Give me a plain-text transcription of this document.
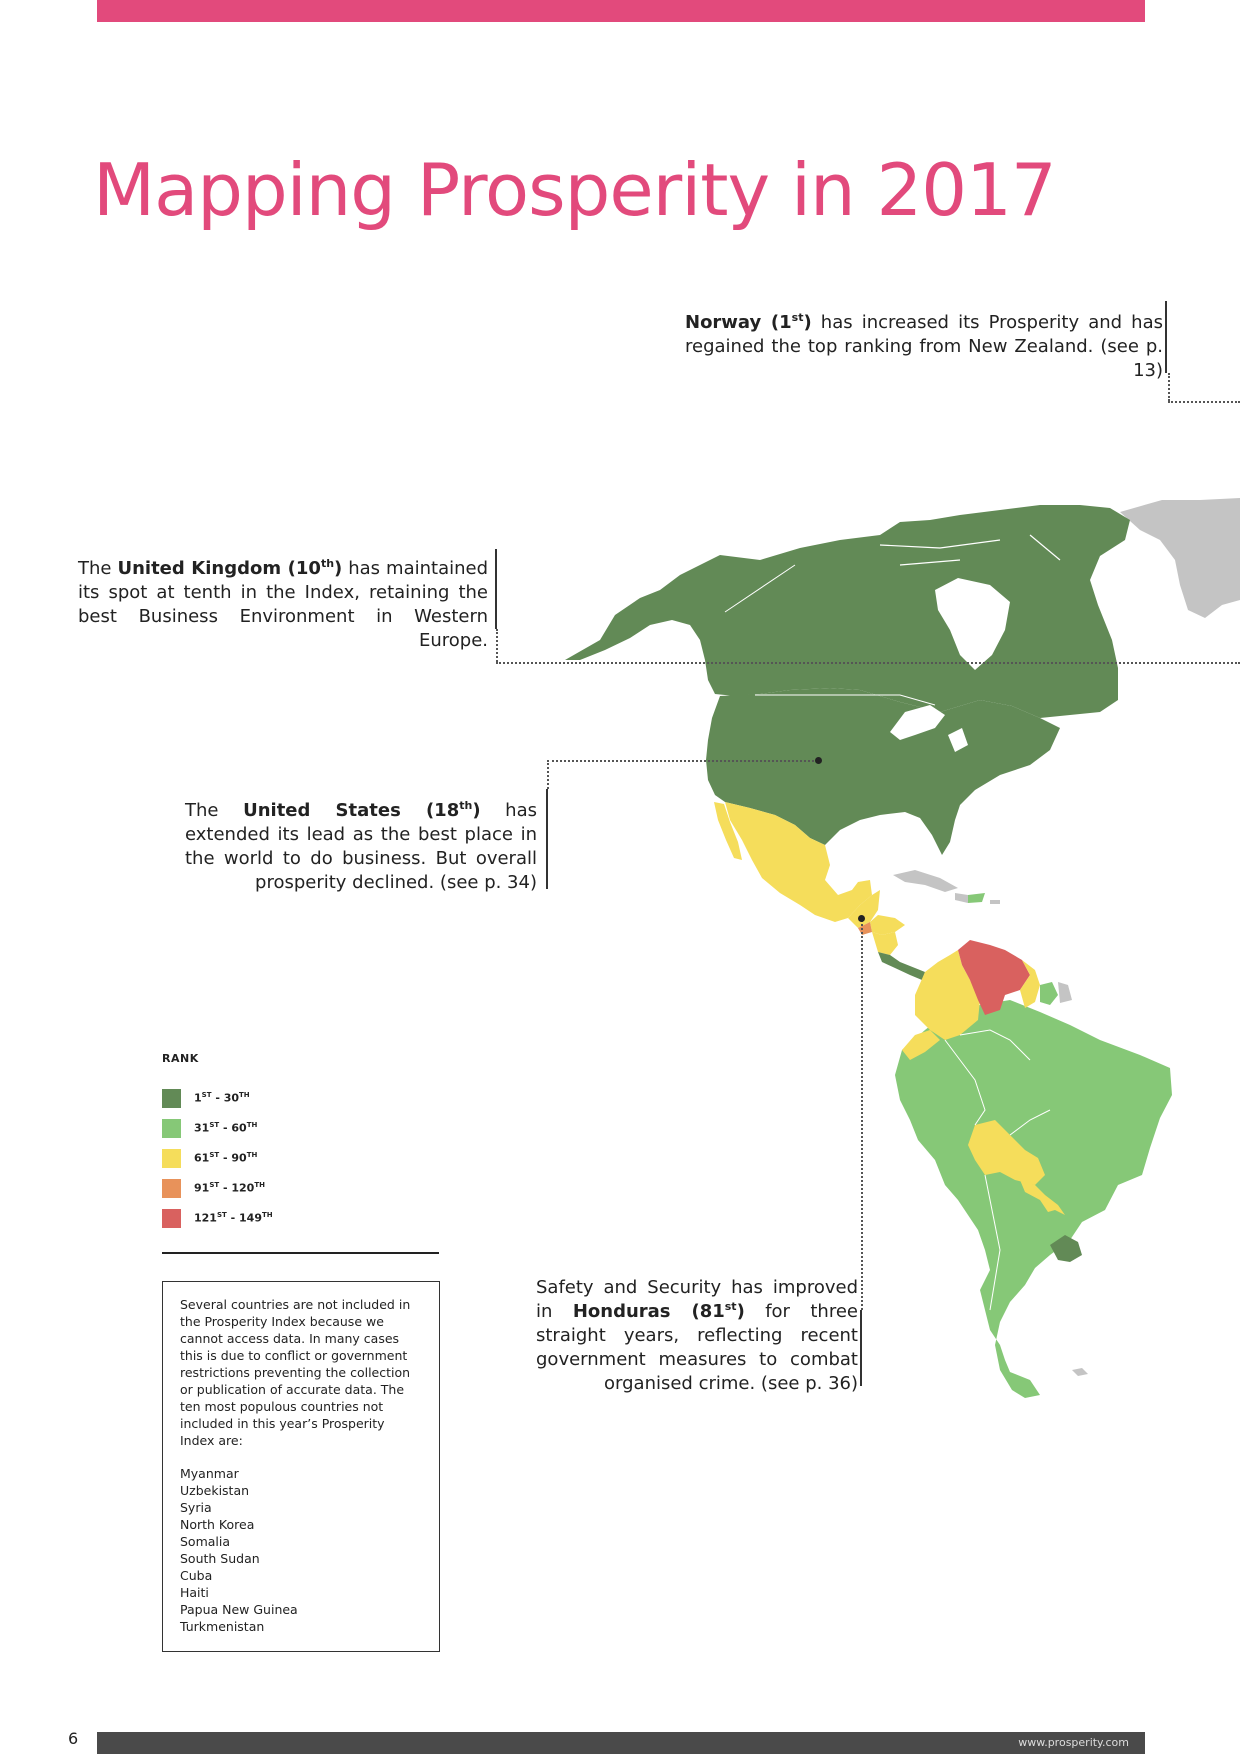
Mapping Prosperity in 2017
Norway (1st) has increased its Prosperity and has regained the top ranking from New Zealand. (see p. 13)
The United Kingdom (10th) has maintained its spot at tenth in the Index, retaining the best Business Environment in Western Europe.
The United States (18th) has extended its lead as the best place in the world to do business. But overall prosperity declined. (see p. 34)
Safety and Security has improved in Honduras (81st) for three straight years, reflecting recent government measures to combat organised crime. (see p. 36)
RANK
1ST - 30TH
31ST - 60TH
61ST - 90TH
91ST - 120TH
121ST - 149TH

Several countries are not included in the Prosperity Index because we cannot access data. In many cases this is due to conflict or government restrictions preventing the collection or publication of accurate data. The ten most populous countries not included in this year’s Prosperity Index are:

Myanmar
Uzbekistan
Syria
North Korea
Somalia
South Sudan
Cuba
Haiti
Papua New Guinea
Turkmenistan
6	www.prosperity.com
